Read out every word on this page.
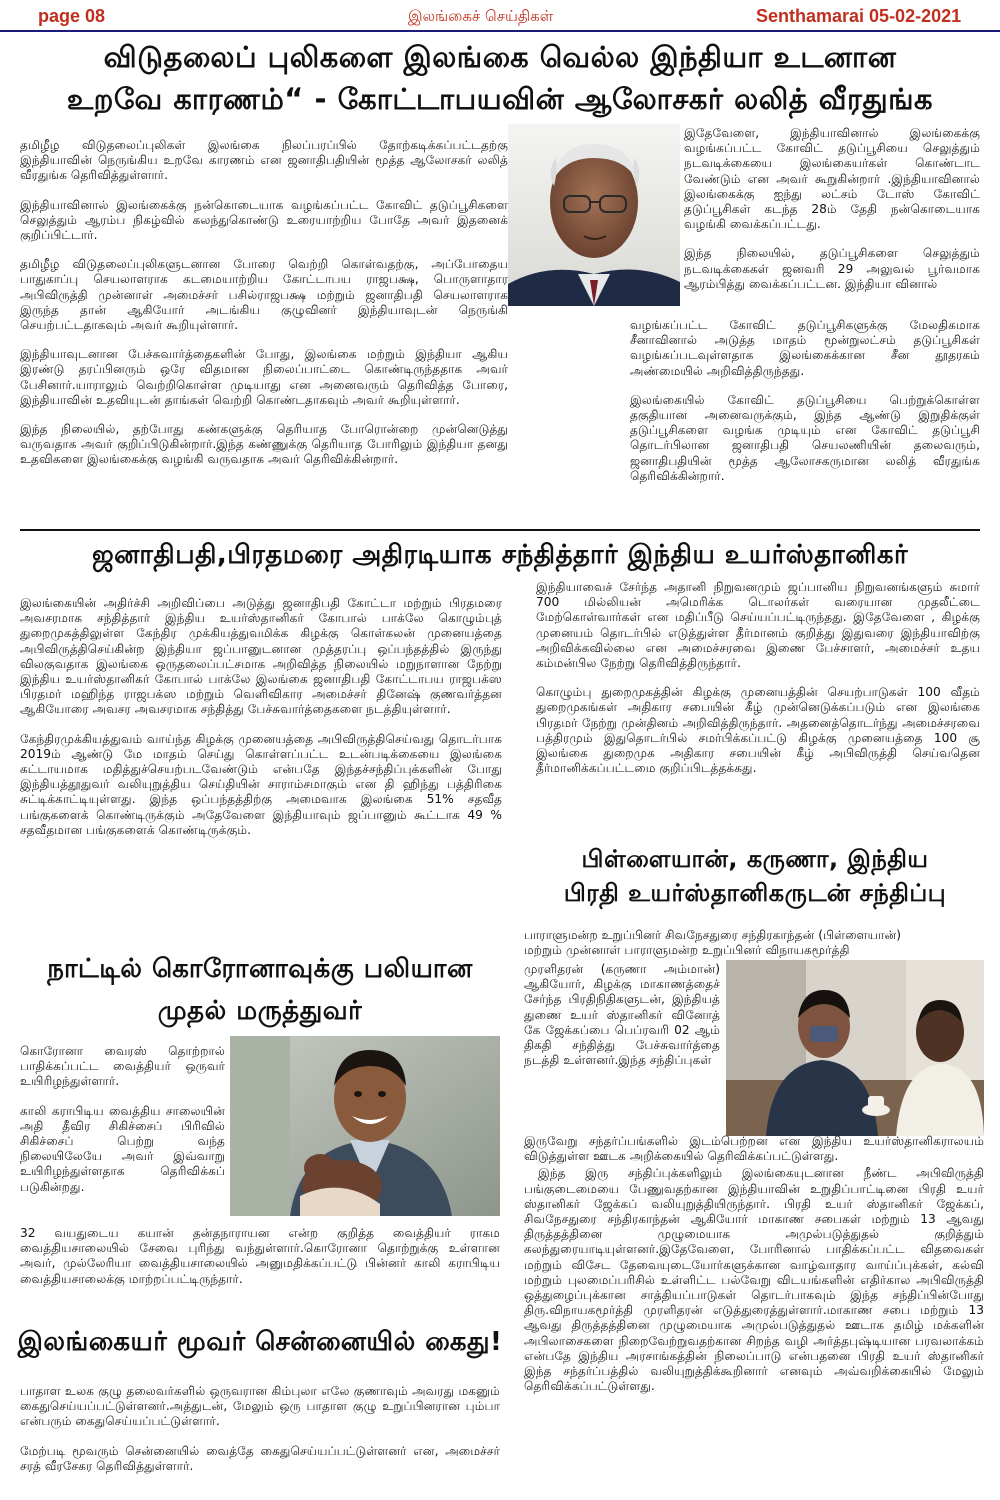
page 08	இலங்கைச் செய்திகள்	Senthamarai 05-02-2021
விடுதலைப் புலிகளை இலங்கை வெல்ல இந்தியா உடனான
உறவே காரணம்“ - கோட்டாபயவின் ஆலோசகர் லலித் வீரதுங்க

தமிழீழ விடுதலைப்புலிகள் இலங்கை நிலப்பரப்பில் தோற்கடிக்கப்பட்டதற்கு இந்தியாவின் நெருங்கிய உறவே காரணம் என ஜனாதிபதியின் மூத்த ஆலோசகர் லலித் வீரதுங்க தெரிவித்துள்ளார்.

இந்தியாவினால் இலங்கைக்கு நன்கொடையாக வழங்கப்பட்ட கோவிட் தடுப்பூசிகளை செலுத்தும் ஆரம்ப நிகழ்வில் கலந்துகொண்டு உரையாற்றிய போதே அவர் இதனைக் குறிப்பிட்டார்.

தமிழீழ விடுதலைப்புலிகளுடனான போரை வெற்றி கொள்வதற்கு, அப்போதைய பாதுகாப்பு செயலாளராக கடமையாற்றிய கோட்டாபய ராஜபக்ஷ, பொருளாதார அபிவிருத்தி முன்னாள் அமைச்சர் பசில்ராஜபக்ஷ மற்றும் ஜனாதிபதி செயலாளராக இருந்த தான் ஆகியோர் அடங்கிய குழுவினர் இந்தியாவுடன் நெருங்கி செயற்பட்டதாகவும் அவர் கூறியுள்ளார்.

இந்தியாவுடனான பேச்சுவார்த்தைகளின் போது, இலங்கை மற்றும் இந்தியா ஆகிய இரண்டு தரப்பினரும் ஒரே விதமான நிலைப்பாட்டை கொண்டிருந்ததாக அவர் பேசினார்.யாராலும் வெற்றிகொள்ள முடியாது என அனைவரும் தெரிவித்த போரை, இந்தியாவின் உதவியுடன் தாங்கள் வெற்றி கொண்டதாகவும் அவர் கூறியுள்ளார்.

இந்த நிலையில், தற்போது கண்களுக்கு தெரியாத போரொன்றை முன்னெடுத்து வருவதாக அவர் குறிப்பிடுகின்றார்.இந்த கண்ணுக்கு தெரியாத போரிலும் இந்தியா தனது உதவிகளை இலங்கைக்கு வழங்கி வருவதாக அவர் தெரிவிக்கின்றார்.

இதேவேளை, இந்தியாவினால் இலங்கைக்கு வழங்கப்பட்ட கோவிட் தடுப்பூசியை செலுத்தும் நடவடிக்கையை இலங்கையர்கள் கொண்டாட வேண்டும் என அவர் கூறுகின்றார் .இந்தியாவினால் இலங்கைக்கு ஐந்து லட்சம் டோஸ் கோவிட் தடுப்பூசிகள் கடந்த 28ம் தேதி நன்கொடையாக வழங்கி வைக்கப்பட்டது.

இந்த நிலையில், தடுப்பூசிகளை செலுத்தும் நடவடிக்கைகள் ஜனவரி 29 அலுவல் பூர்வமாக ஆரம்பித்து வைக்கப்பட்டன. இந்தியா வினால்

வழங்கப்பட்ட கோவிட் தடுப்பூசிகளுக்கு மேலதிகமாக சீனாவினால் அடுத்த மாதம் மூன்றுலட்சம் தடுப்பூசிகள் வழங்கப்படவுள்ளதாக இலங்கைக்கான சீன தூதரகம் அண்மையில் அறிவித்திருந்தது.

இலங்கையில் கோவிட் தடுப்பூசியை பெற்றுக்கொள்ள தகுதியான அனைவருக்கும், இந்த ஆண்டு இறுதிக்குள் தடுப்பூசிகளை வழங்க முடியும் என கோவிட் தடுப்பூசி தொடர்பிலான ஜனாதிபதி செயலணியின் தலைவரும், ஜனாதிபதியின் மூத்த ஆலோசகருமான லலித் வீரதுங்க தெரிவிக்கின்றார்.

ஜனாதிபதி,பிரதமரை அதிரடியாக சந்தித்தார் இந்திய உயர்ஸ்தானிகர்

இலங்கையின் அதிர்ச்சி அறிவிப்பை அடுத்து ஜனாதிபதி கோட்டா மற்றும் பிரதமரை அவசரமாக சந்தித்தார் இந்திய உயர்ஸ்தானிகர் கோபால் பாக்லே கொழும்புத் துறைமுகத்திலுள்ள கேந்திர முக்கியத்துவமிக்க கிழக்கு கொள்கலன் முனையத்தை அபிவிருத்திசெய்கின்ற இந்தியா ஜப்பானுடனான முத்தரப்பு ஒப்பந்தத்தில் இருந்து விலகுவதாக இலங்கை ஒருதலைப்பட்சமாக அறிவித்த நிலையில் மறுநாளான நேற்று இந்திய உயர்ஸ்தானிகர் கோபால் பாக்லே இலங்கை ஜனாதிபதி கோட்டாபய ராஜபக்ஸ பிரதமர் மஹிந்த ராஜபக்ஸ மற்றும் வெளிவிகார அமைச்சர் தினேஷ் குணவர்த்தன ஆகியோரை அவசர அவசரமாக சந்தித்து பேச்சுவார்த்தைகளை நடத்தியுள்ளார்.

கேந்திரமுக்கியத்துவம் வாய்ந்த கிழக்கு முனையத்தை அபிவிருத்திசெய்வது தொடர்பாக 2019ம் ஆண்டு மே மாதம் செய்து கொள்ளப்பட்ட உடன்படிக்கையை இலங்கை கட்டாயமாக மதித்துச்செயற்படவேண்டும் என்பதே இந்தச்சந்திப்புக்களின் போது இந்தியத்தூதுவர் வலியுறுத்திய செய்தியின் சாராம்சமாகும் என தி ஹிந்து பத்திரிகை சுட்டிக்காட்டியுள்ளது. இந்த ஒப்பந்தத்திற்கு அமைவாக இலங்கை 51% சதவீத பங்குகளைக் கொண்டிருக்கும் அதேவேளை இந்தியாவும் ஜப்பானும் கூட்டாக 49 % சதவீதமான பங்குகளைக் கொண்டிருக்கும்.

இந்தியாவைச் சேர்ந்த அதானி நிறுவனமும் ஜப்பானிய நிறுவனங்களும் சுமார் 700 மில்லியன் அமெரிக்க டொலர்கள் வரையான முதலீட்டை மேற்கொள்வார்கள் என மதிப்பீடு செய்யப்பட்டிருந்தது. இதேவேளை , கிழக்கு முனையம் தொடர்பில் எடுத்துள்ள தீர்மானம் குறித்து இதுவரை இந்தியாவிற்கு அறிவிக்கவில்லை என அமைச்சரவை இணை பேச்சாளர், அமைச்சர் உதய கம்மன்பில நேற்று தெரிவித்திருந்தார்.

கொழும்பு துறைமுகத்தின் கிழக்கு முனையத்தின் செயற்பாடுகள் 100 வீதம் துறைமுகங்கள் அதிகார சபையின் கீழ் முன்னெடுக்கப்படும் என இலங்கை பிரதமர் நேற்று முன்தினம் அறிவித்திருந்தார். அதனைத்தொடர்ந்து அமைச்சரவை பத்திரமும் இதுதொடர்பில் சமர்பிக்கப்பட்டு கிழக்கு முனையத்தை 100 சூ இலங்கை துறைமுக அதிகார சபையின் கீழ் அபிவிருத்தி செய்வதென தீர்மானிக்கப்பட்டமை குறிப்பிடத்தக்கது.

நாட்டில் கொரோனாவுக்கு பலியான
முதல் மருத்துவர்

கொரோனா வைரஸ் தொற்றால் பாதிக்கப்பட்ட வைத்தியர் ஒருவர் உயிரிழந்துள்ளார்.

காலி கராபிடிய வைத்திய சாலையின் அதி தீவிர சிகிச்சைப் பிரிவில் சிகிச்சைப் பெற்று வந்த நிலையிலேயே அவர் இவ்வாறு உயிரிழந்துள்ளதாக தெரிவிக்கப் படுகின்றது.

32 வயதுடைய கயான் தன்தநாராயன என்ற குறித்த வைத்தியர் ராகம வைத்தியசாலையில் சேவை புரிந்து வந்துள்ளார்.கொரோனா தொற்றுக்கு உள்ளான அவர், முல்லேரியா வைத்தியசாலையில் அனுமதிக்கப்பட்டு பின்னர் காலி கராபிடிய வைத்தியசாலைக்கு மாற்றப்பட்டிருந்தார்.

இலங்கையர் மூவர் சென்னையில் கைது!

பாதாள உலக குழு தலைவர்களில் ஒருவரான கிம்புலா எலே குணாவும் அவரது மகனும் கைதுசெய்யப்பட்டுள்ளனர்.அத்துடன், மேலும் ஒரு பாதாள குழு உறுப்பினரான பும்பா என்பரும் கைதுசெய்யப்பட்டுள்ளார்.

மேற்படி மூவரும் சென்னையில் வைத்தே கைதுசெய்யப்பட்டுள்ளனர் என, அமைச்சர் சரத் வீரசேகர தெரிவித்துள்ளார்.

பிள்ளையான், கருணா, இந்திய
பிரதி உயர்ஸ்தானிகருடன் சந்திப்பு
பாராளுமன்ற உறுப்பினர் சிவநேசதுரை சந்திரகாந்தன் (பிள்ளையான்)
மற்றும் முன்னாள் பாராளுமன்ற உறுப்பினர் விநாயகமூர்த்தி

முரளிதரன் (கருணா அம்மான்) ஆகியோர், கிழக்கு மாகாணத்தைச் சேர்ந்த பிரதிநிதிகளுடன், இந்தியத் துணை உயர் ஸ்தானிகர் வினோத் கே ஜேக்கப்பை பெப்ரவரி 02 ஆம் திகதி சந்தித்து பேச்சுவார்த்தை நடத்தி உள்ளனர்.இந்த சந்திப்புகள்

இருவேறு சந்தர்ப்பங்களில் இடம்பெற்றன என இந்திய உயர்ஸ்தானிகராலயம் விடுத்துள்ள ஊடக அறிக்கையில் தெரிவிக்கப்பட்டுள்ளது.

இந்த இரு சந்திப்புக்களிலும் இலங்கையுடனான நீண்ட அபிவிருத்தி பங்குடைமையை பேணுவதற்கான இந்தியாவின் உறுதிப்பாட்டினை பிரதி உயர் ஸ்தானிகர் ஜேக்கப் வலியுறுத்தியிருந்தார். பிரதி உயர் ஸ்தானிகர் ஜேக்கப், சிவநேசதுரை சந்திரகாந்தன் ஆகியோர் மாகாண சபைகள் மற்றும் 13 ஆவது திருத்தத்தினை முழுமையாக அமுல்படுத்துதல் குறித்தும் கலந்துரையாடியுள்ளனர்.இதேவேளை, போரினால் பாதிக்கப்பட்ட விதவைகள் மற்றும் விசேட தேவையுடையோர்களுக்கான வாழ்வாதார வாய்ப்புக்கள், கல்வி மற்றும் புலமைப்பரிசில் உள்ளிட்ட பல்வேறு விடயங்களின் எதிர்கால அபிவிருத்தி ஒத்துழைப்புக்கான சாத்தியப்பாடுகள் தொடர்பாகவும் இந்த சந்திப்பின்போது திரு.விநாயகமூர்த்தி முரளிதரன் எடுத்துரைத்துள்ளார்.மாகாண சபை மற்றும் 13 ஆவது திருத்தத்தினை முழுமையாக அமுல்படுத்துதல் ஊடாக தமிழ் மக்களின் அபிலாசைகளை நிறைவேற்றுவதற்கான சிறந்த வழி அர்த்தபுஷ்டியான பரவலாக்கம் என்பதே இந்திய அரசாங்கத்தின் நிலைப்பாடு என்பதனை பிரதி உயர் ஸ்தானிகர் இந்த சந்தர்ப்பத்தில் வலியுறுத்திக்கூறினார் எனவும் அவ்வறிக்கையில் மேலும் தெரிவிக்கப்பட்டுள்ளது.
